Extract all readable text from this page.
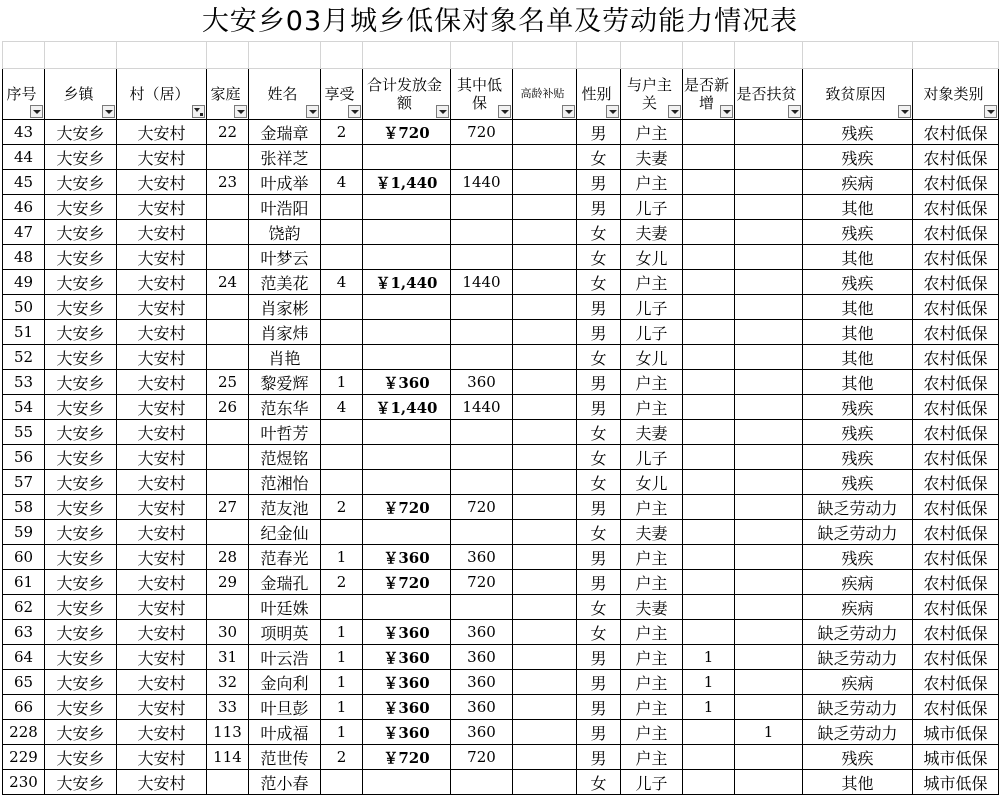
大安乡03月城乡低保对象名单及劳动能力情况表

序号	乡镇	村（居）	家庭	姓名	享受	合计发放金额	其中低保	高龄补贴	性别	与户主关	是否新增	是否扶贫	致贫原因	对象类别

43	大安乡	大安村	22	金瑞章	2	￥720	720		男	户主			残疾	农村低保
44	大安乡	大安村		张祥芝					女	夫妻			残疾	农村低保
45	大安乡	大安村	23	叶成举	4	￥1,440	1440		男	户主			疾病	农村低保
46	大安乡	大安村		叶浩阳					男	儿子			其他	农村低保
47	大安乡	大安村		饶韵					女	夫妻			残疾	农村低保
48	大安乡	大安村		叶梦云					女	女儿			其他	农村低保
49	大安乡	大安村	24	范美花	4	￥1,440	1440		女	户主			残疾	农村低保
50	大安乡	大安村		肖家彬					男	儿子			其他	农村低保
51	大安乡	大安村		肖家炜					男	儿子			其他	农村低保
52	大安乡	大安村		肖艳					女	女儿			其他	农村低保
53	大安乡	大安村	25	黎爱辉	1	￥360	360		男	户主			其他	农村低保
54	大安乡	大安村	26	范东华	4	￥1,440	1440		男	户主			残疾	农村低保
55	大安乡	大安村		叶哲芳					女	夫妻			残疾	农村低保
56	大安乡	大安村		范煜铭					女	儿子			残疾	农村低保
57	大安乡	大安村		范湘怡					女	女儿			残疾	农村低保
58	大安乡	大安村	27	范友池	2	￥720	720		男	户主			缺乏劳动力	农村低保
59	大安乡	大安村		纪金仙					女	夫妻			缺乏劳动力	农村低保
60	大安乡	大安村	28	范春光	1	￥360	360		男	户主			残疾	农村低保
61	大安乡	大安村	29	金瑞孔	2	￥720	720		男	户主			疾病	农村低保
62	大安乡	大安村		叶廷姝					女	夫妻			疾病	农村低保
63	大安乡	大安村	30	项明英	1	￥360	360		女	户主			缺乏劳动力	农村低保
64	大安乡	大安村	31	叶云浩	1	￥360	360		男	户主	1		缺乏劳动力	农村低保
65	大安乡	大安村	32	金向利	1	￥360	360		男	户主	1		疾病	农村低保
66	大安乡	大安村	33	叶旦彭	1	￥360	360		男	户主	1		缺乏劳动力	农村低保
228	大安乡	大安村	113	叶成福	1	￥360	360		男	户主		1	缺乏劳动力	城市低保
229	大安乡	大安村	114	范世传	2	￥720	720		男	户主			残疾	城市低保
230	大安乡	大安村		范小春					女	儿子			其他	城市低保
